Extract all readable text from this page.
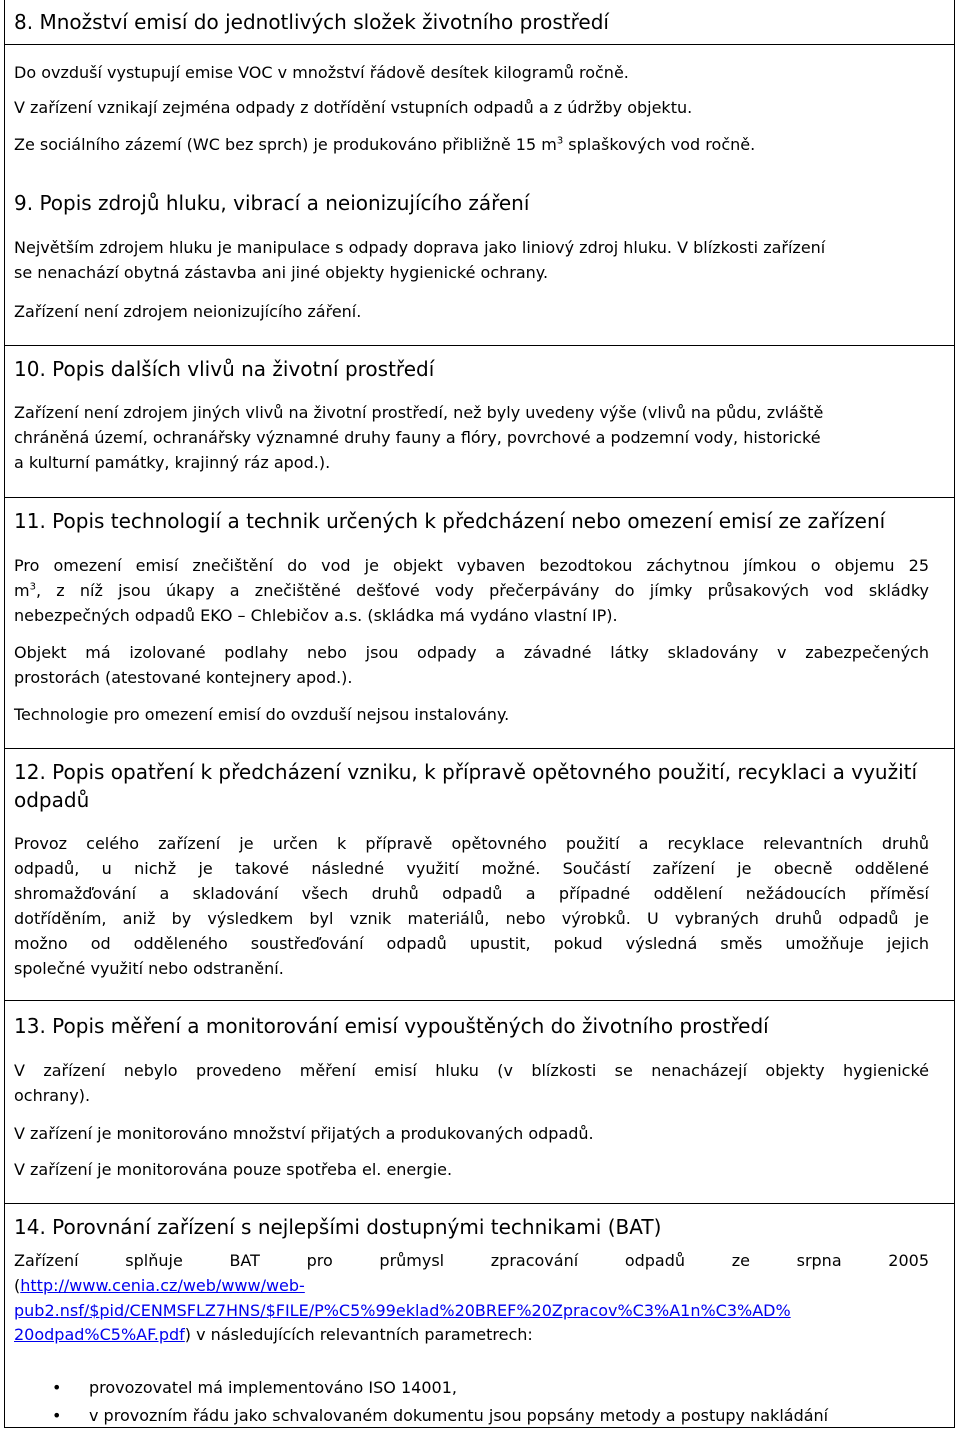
8. Množství emisí do jednotlivých složek životního prostředí

Do ovzduší vystupují emise VOC v množství řádově desítek kilogramů ročně.

V zařízení vznikají zejména odpady z dotřídění vstupních odpadů a z údržby objektu.

Ze sociálního zázemí (WC bez sprch) je produkováno přibližně 15 $m^3$ splaškových vod ročně.

9. Popis zdrojů hluku, vibrací a neionizujícího záření

Největším zdrojem hluku je manipulace s odpady doprava jako liniový zdroj hluku. V blízkosti zařízení
se nenachází obytná zástavba ani jiné objekty hygienické ochrany.

Zařízení není zdrojem neionizujícího záření.

10. Popis dalších vlivů na životní prostředí

Zařízení není zdrojem jiných vlivů na životní prostředí, než byly uvedeny výše (vlivů na půdu, zvláště
chráněná území, ochranářsky významné druhy fauny a flóry, povrchové a podzemní vody, historické
a kulturní památky, krajinný ráz apod.).

11. Popis technologií a technik určených k předcházení nebo omezení emisí ze zařízení
Pro omezení emisí znečištění do vod je objekt vybaven bezodtokou záchytnou jímkou o objemu 25
$m^3$, z níž jsou úkapy a znečištěné dešťové vody přečerpávány do jímky průsakových vod skládky
nebezpečných odpadů EKO – Chlebičov a.s. (skládka má vydáno vlastní IP).
Objekt má izolované podlahy nebo jsou odpady a závadné látky skladovány v zabezpečených
prostorách (atestované kontejnery apod.).
Technologie pro omezení emisí do ovzduší nejsou instalovány.
12. Popis opatření k předcházení vzniku, k přípravě opětovného použití, recyklaci a využití
odpadů
Provoz celého zařízení je určen k přípravě opětovného použití a recyklace relevantních druhů
odpadů, u nichž je takové následné využití možné. Součástí zařízení je obecně oddělené
shromažďování a skladování všech druhů odpadů a případné oddělení nežádoucích příměsí
dotříděním, aniž by výsledkem byl vznik materiálů, nebo výrobků. U vybraných druhů odpadů je
možno od odděleného soustřeďování odpadů upustit, pokud výsledná směs umožňuje jejich
společné využití nebo odstranění.
13. Popis měření a monitorování emisí vypouštěných do životního prostředí
V zařízení nebylo provedeno měření emisí hluku (v blízkosti se nenacházejí objekty hygienické
ochrany).
V zařízení je monitorováno množství přijatých a produkovaných odpadů.
V zařízení je monitorována pouze spotřeba el. energie.
14. Porovnání zařízení s nejlepšími dostupnými technikami (BAT)
Zařízení splňuje BAT pro průmysl zpracování odpadů ze srpna 2005
(http://www.cenia.cz/web/www/web-
pub2.nsf/$pid/CENMSFLZ7HNS/$FILE/P%C5%99eklad%20BREF%20Zpracov%C3%A1n%C3%AD%
20odpad%C5%AF.pdf) v následujících relevantních parametrech:
• provozovatel má implementováno ISO 14001,
• v provozním řádu jako schvalovaném dokumentu jsou popsány metody a postupy nakládání
